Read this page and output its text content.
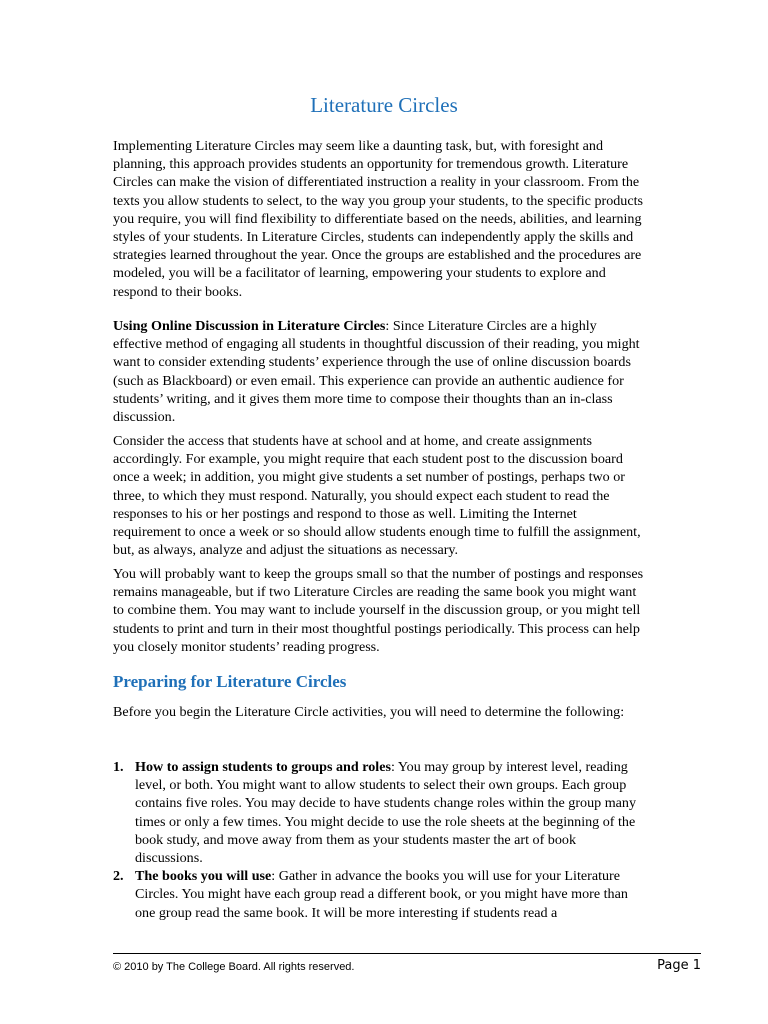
Literature Circles

Implementing Literature Circles may seem like a daunting task, but, with foresight and planning, this approach provides students an opportunity for tremendous growth. Literature Circles can make the vision of differentiated instruction a reality in your classroom. From the texts you allow students to select, to the way you group your students, to the specific products you require, you will find flexibility to differentiate based on the needs, abilities, and learning styles of your students. In Literature Circles, students can independently apply the skills and strategies learned throughout the year. Once the groups are established and the procedures are modeled, you will be a facilitator of learning, empowering your students to explore and respond to their books.

Using Online Discussion in Literature Circles: Since Literature Circles are a highly effective method of engaging all students in thoughtful discussion of their reading, you might want to consider extending students’ experience through the use of online discussion boards (such as Blackboard) or even email. This experience can provide an authentic audience for students’ writing, and it gives them more time to compose their thoughts than an in-class discussion.

Consider the access that students have at school and at home, and create assignments accordingly. For example, you might require that each student post to the discussion board once a week; in addition, you might give students a set number of postings, perhaps two or three, to which they must respond. Naturally, you should expect each student to read the responses to his or her postings and respond to those as well. Limiting the Internet requirement to once a week or so should allow students enough time to fulfill the assignment, but, as always, analyze and adjust the situations as necessary.

You will probably want to keep the groups small so that the number of postings and responses remains manageable, but if two Literature Circles are reading the same book you might want to combine them. You may want to include yourself in the discussion group, or you might tell students to print and turn in their most thoughtful postings periodically. This process can help you closely monitor students’ reading progress.

Preparing for Literature Circles

Before you begin the Literature Circle activities, you will need to determine the following:

1. How to assign students to groups and roles: You may group by interest level, reading level, or both. You might want to allow students to select their own groups. Each group contains five roles. You may decide to have students change roles within the group many times or only a few times. You might decide to use the role sheets at the beginning of the book study, and move away from them as your students master the art of book discussions.
2. The books you will use: Gather in advance the books you will use for your Literature Circles. You might have each group read a different book, or you might have more than one group read the same book. It will be more interesting if students read a
© 2010 by The College Board. All rights reserved.	Page 1
